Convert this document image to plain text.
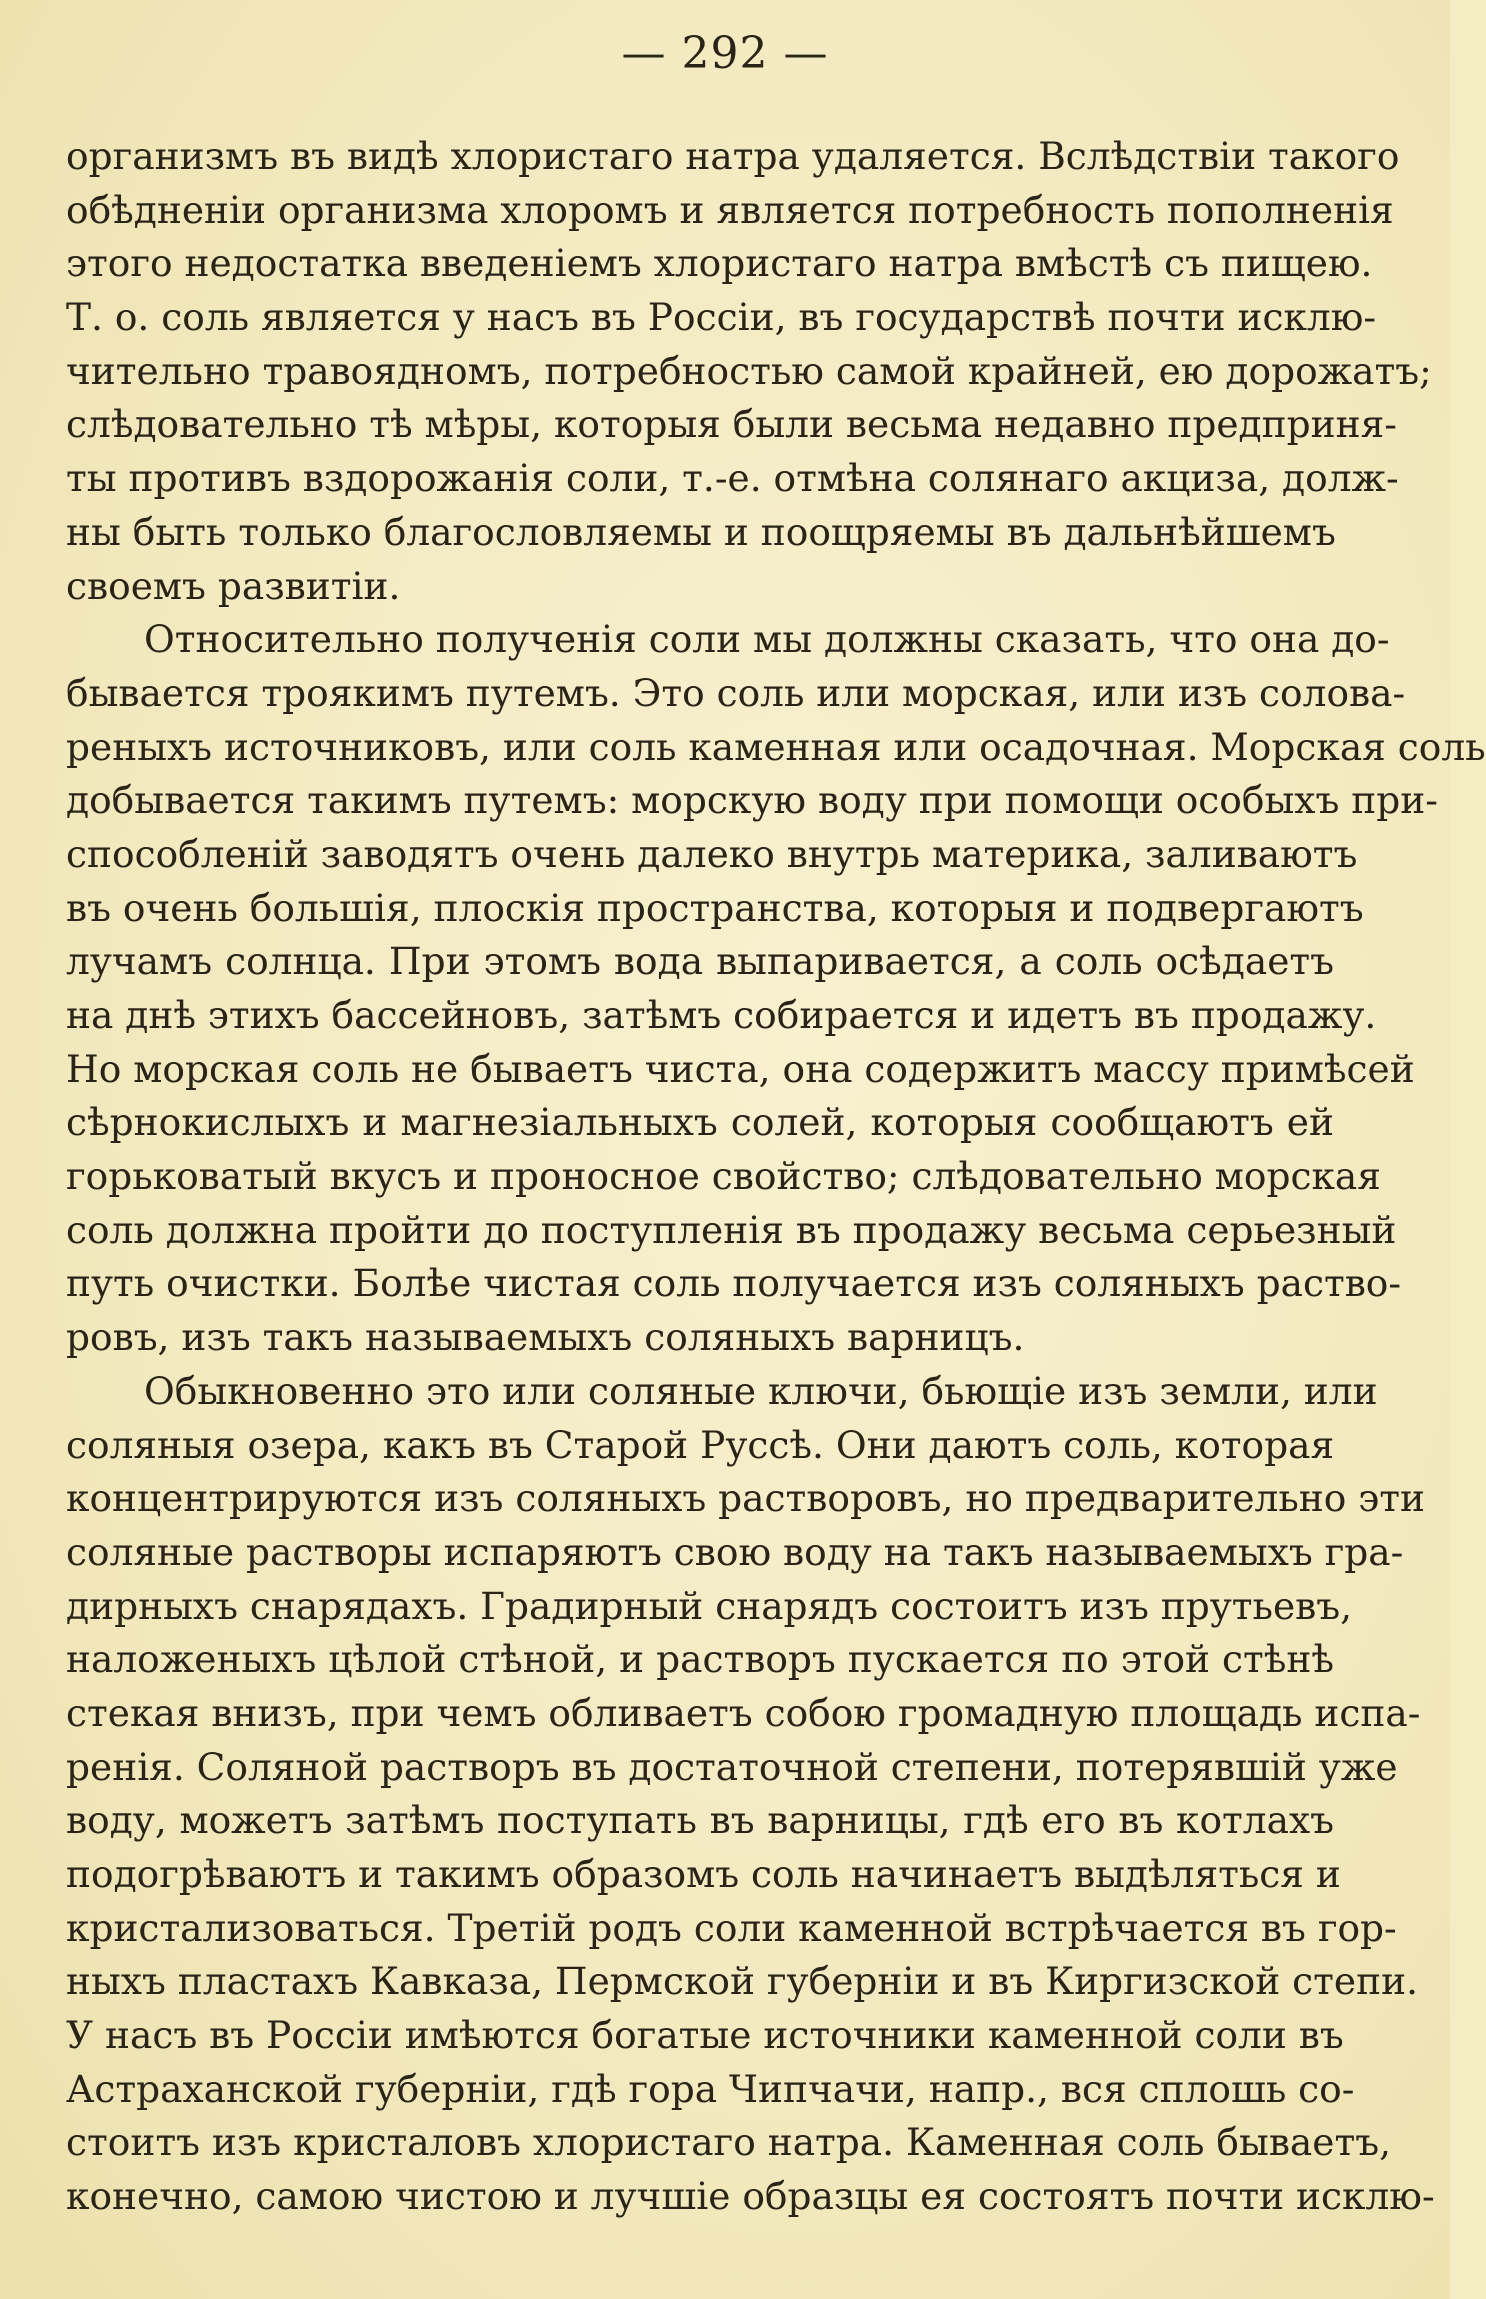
— 292 —
организмъ въ видѣ хлористаго натра удаляется. Вслѣдствіи такого
обѣдненіи организма хлоромъ и является потребность пополненія
этого недостатка введеніемъ хлористаго натра вмѣстѣ съ пищею.
Т. о. соль является у насъ въ Россіи, въ государствѣ почти исклю-
чительно травоядномъ, потребностью самой крайней, ею дорожатъ;
слѣдовательно тѣ мѣры, которыя были весьма недавно предприня-
ты противъ вздорожанія соли, т.-е. отмѣна солянаго акциза, долж-
ны быть только благословляемы и поощряемы въ дальнѣйшемъ
своемъ развитіи.
Относительно полученія соли мы должны сказать, что она до-
бывается троякимъ путемъ. Это соль или морская, или изъ солова-
реныхъ источниковъ, или соль каменная или осадочная. Морская соль
добывается такимъ путемъ: морскую воду при помощи особыхъ при-
способленій заводятъ очень далеко внутрь материка, заливаютъ
въ очень большія, плоскія пространства, которыя и подвергаютъ
лучамъ солнца. При этомъ вода выпаривается, а соль осѣдаетъ
на днѣ этихъ бассейновъ, затѣмъ собирается и идетъ въ продажу.
Но морская соль не бываетъ чиста, она содержитъ массу примѣсей
сѣрнокислыхъ и магнезіальныхъ солей, которыя сообщаютъ ей
горьковатый вкусъ и проносное свойство; слѣдовательно морская
соль должна пройти до поступленія въ продажу весьма серьезный
путь очистки. Болѣе чистая соль получается изъ соляныхъ раство-
ровъ, изъ такъ называемыхъ соляныхъ варницъ.
Обыкновенно это или соляные ключи, бьющіе изъ земли, или
соляныя озера, какъ въ Старой Руссѣ. Они даютъ соль, которая
концентрируются изъ соляныхъ растворовъ, но предварительно эти
соляные растворы испаряютъ свою воду на такъ называемыхъ гра-
дирныхъ снарядахъ. Градирный снарядъ состоитъ изъ прутьевъ,
наложеныхъ цѣлой стѣной, и растворъ пускается по этой стѣнѣ
стекая внизъ, при чемъ обливаетъ собою громадную площадь испа-
ренія. Соляной растворъ въ достаточной степени, потерявшій уже
воду, можетъ затѣмъ поступать въ варницы, гдѣ его въ котлахъ
подогрѣваютъ и такимъ образомъ соль начинаетъ выдѣляться и
кристализоваться. Третій родъ соли каменной встрѣчается въ гор-
ныхъ пластахъ Кавказа, Пермской губерніи и въ Киргизской степи.
У насъ въ Россіи имѣются богатые источники каменной соли въ
Астраханской губерніи, гдѣ гора Чипчачи, напр., вся сплошь со-
стоитъ изъ кристаловъ хлористаго натра. Каменная соль бываетъ,
конечно, самою чистою и лучшіе образцы ея состоятъ почти исклю-
